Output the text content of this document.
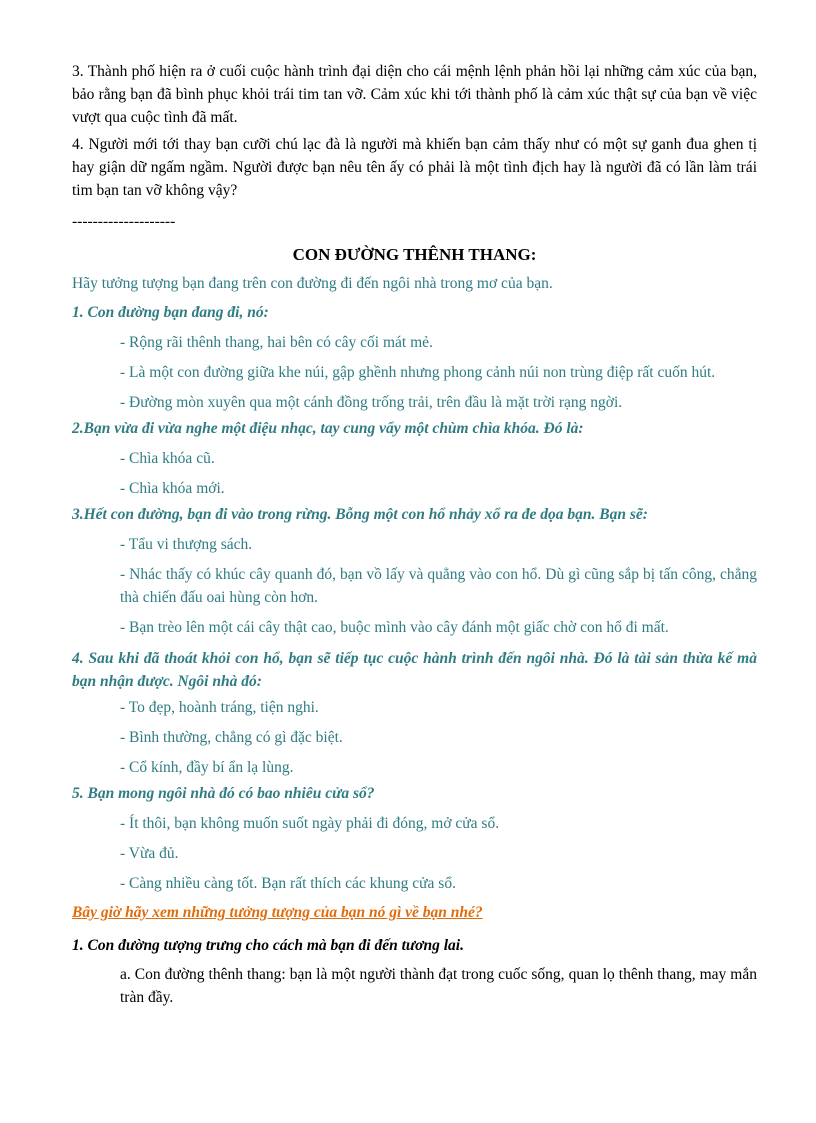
3. Thành phố hiện ra ở cuối cuộc hành trình đại diện cho cái mệnh lệnh phản hồi lại những cảm xúc của bạn, bảo rằng bạn đã bình phục khỏi trái tim tan vỡ. Cảm xúc khi tới thành phố là cảm xúc thật sự của bạn về việc vượt qua cuộc tình đã mất.

4. Người mới tới thay bạn cưỡi chú lạc đà là người mà khiến bạn cảm thấy như có một sự ganh đua ghen tị hay giận dữ ngấm ngầm. Người được bạn nêu tên ấy có phải là một tình địch hay là người đã có lần làm trái tim bạn tan vỡ không vậy?

--------------------

CON ĐƯỜNG THÊNH THANG:

Hãy tưởng tượng bạn đang trên con đường đi đến ngôi nhà trong mơ của bạn.

1. Con đường bạn đang đi, nó:

- Rộng rãi thênh thang, hai bên có cây cối mát mẻ.

- Là một con đường giữa khe núi, gập ghềnh nhưng phong cảnh núi non trùng điệp rất cuốn hút.

- Đường mòn xuyên qua một cánh đồng trống trải, trên đầu là mặt trời rạng ngời.

2.Bạn vừa đi vừa nghe một điệu nhạc, tay cung vẩy một chùm chìa khóa. Đó là:

- Chìa khóa cũ.

- Chìa khóa mới.

3.Hết con đường, bạn đi vào trong rừng. Bỗng một con hổ nhảy xổ ra đe dọa bạn. Bạn sẽ:

- Tẩu vi thượng sách.

- Nhác thấy có khúc cây quanh đó, bạn vồ lấy và quẳng vào con hổ. Dù gì cũng sắp bị tấn công, chẳng thà chiến đấu oai hùng còn hơn.

- Bạn trèo lên một cái cây thật cao, buộc mình vào cây đánh một giấc chờ con hổ đi mất.

4. Sau khi đã thoát khỏi con hổ, bạn sẽ tiếp tục cuộc hành trình đến ngôi nhà. Đó là tài sản thừa kế mà bạn nhận được. Ngôi nhà đó:

- To đẹp, hoành tráng, tiện nghi.

- Bình thường, chẳng có gì đặc biệt.

- Cổ kính, đầy bí ẩn lạ lùng.

5. Bạn mong ngôi nhà đó có bao nhiêu cửa sổ?

- Ít thôi, bạn không muốn suốt ngày phải đi đóng, mở cửa sổ.

- Vừa đủ.

- Càng nhiều càng tốt. Bạn rất thích các khung cửa sổ.

Bây giờ hãy xem những tưởng tượng của bạn nó gì về bạn nhé?

1. Con đường tượng trưng cho cách mà bạn đi đến tương lai.

a. Con đường thênh thang: bạn là một người thành đạt trong cuốc sống, quan lọ thênh thang, may mắn tràn đầy.
